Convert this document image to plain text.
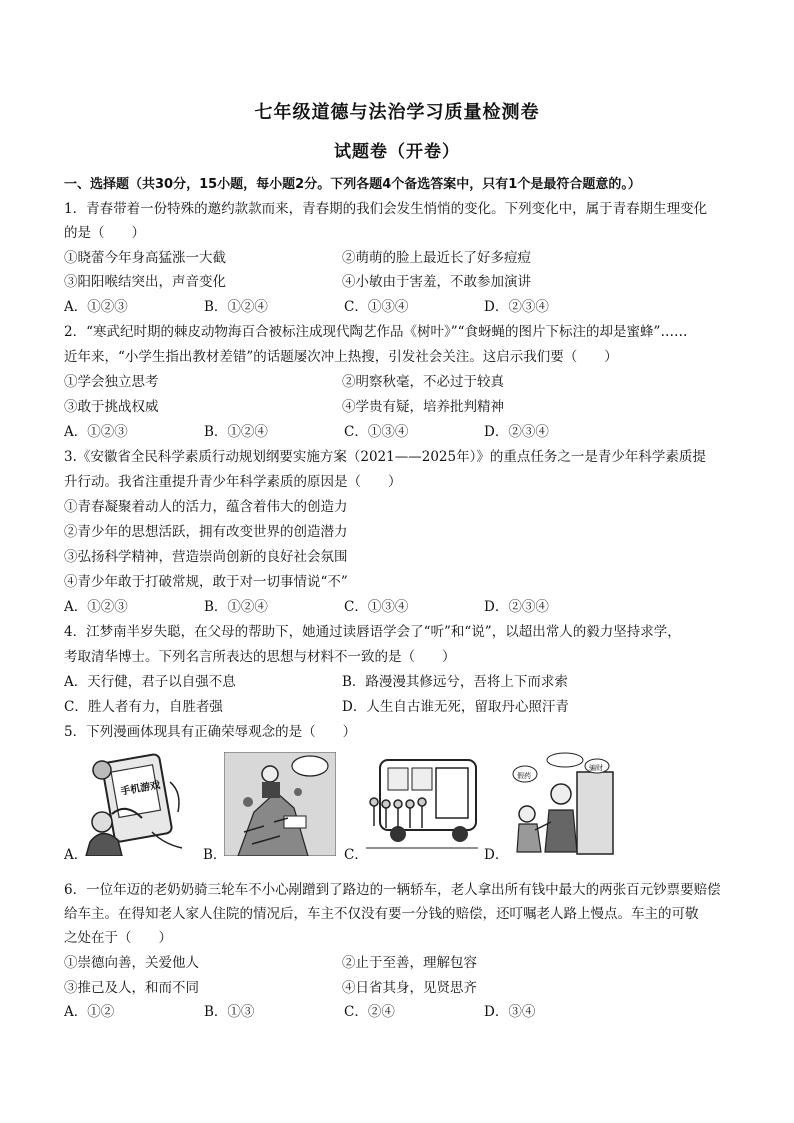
七年级道德与法治学习质量检测卷
试题卷（开卷）
一、选择题（共30分，15小题，每小题2分。下列各题4个备选答案中，只有1个是最符合题意的。）
1．青春带着一份特殊的邀约款款而来，青春期的我们会发生悄悄的变化。下列变化中，属于青春期生理变化
的是（　　）
①晓蕾今年身高猛涨一大截	②萌萌的脸上最近长了好多痘痘
③阳阳喉结突出，声音变化	④小敏由于害羞，不敢参加演讲
A．①②③	B．①②④	C．①③④	D．②③④
2．“寒武纪时期的棘皮动物海百合被标注成现代陶艺作品《树叶》”“食蚜蝇的图片下标注的却是蜜蜂”……
近年来，“小学生指出教材差错”的话题屡次冲上热搜，引发社会关注。这启示我们要（　　）
①学会独立思考	②明察秋毫，不必过于较真
③敢于挑战权威	④学贵有疑，培养批判精神
A．①②③	B．①②④	C．①③④	D．②③④
3.《安徽省全民科学素质行动规划纲要实施方案（2021——2025年）》的重点任务之一是青少年科学素质提
升行动。我省注重提升青少年科学素质的原因是（　　）
①青春凝聚着动人的活力，蕴含着伟大的创造力
②青少年的思想活跃，拥有改变世界的创造潜力
③弘扬科学精神，营造崇尚创新的良好社会氛围
④青少年敢于打破常规，敢于对一切事情说“不”
A．①②③	B．①②④	C．①③④	D．②③④
4．江梦南半岁失聪，在父母的帮助下，她通过读唇语学会了“听”和“说”，以超出常人的毅力坚持求学，
考取清华博士。下列名言所表达的思想与材料不一致的是（　　）
A．天行健，君子以自强不息	B．路漫漫其修远兮，吾将上下而求索
C．胜人者有力，自胜者强	D．人生自古谁无死，留取丹心照汗青
5．下列漫画体现具有正确荣辱观念的是（　　）
手机游戏
A．	B．	C．
假药
骗财
D．
6．一位年迈的老奶奶骑三轮车不小心剐蹭到了路边的一辆轿车，老人拿出所有钱中最大的两张百元钞票要赔偿
给车主。在得知老人家人住院的情况后，车主不仅没有要一分钱的赔偿，还叮嘱老人路上慢点。车主的可敬
之处在于（　　）
①崇德向善，关爱他人	②止于至善，理解包容
③推己及人，和而不同	④日省其身，见贤思齐
A．①②	B．①③	C．②④	D．③④
